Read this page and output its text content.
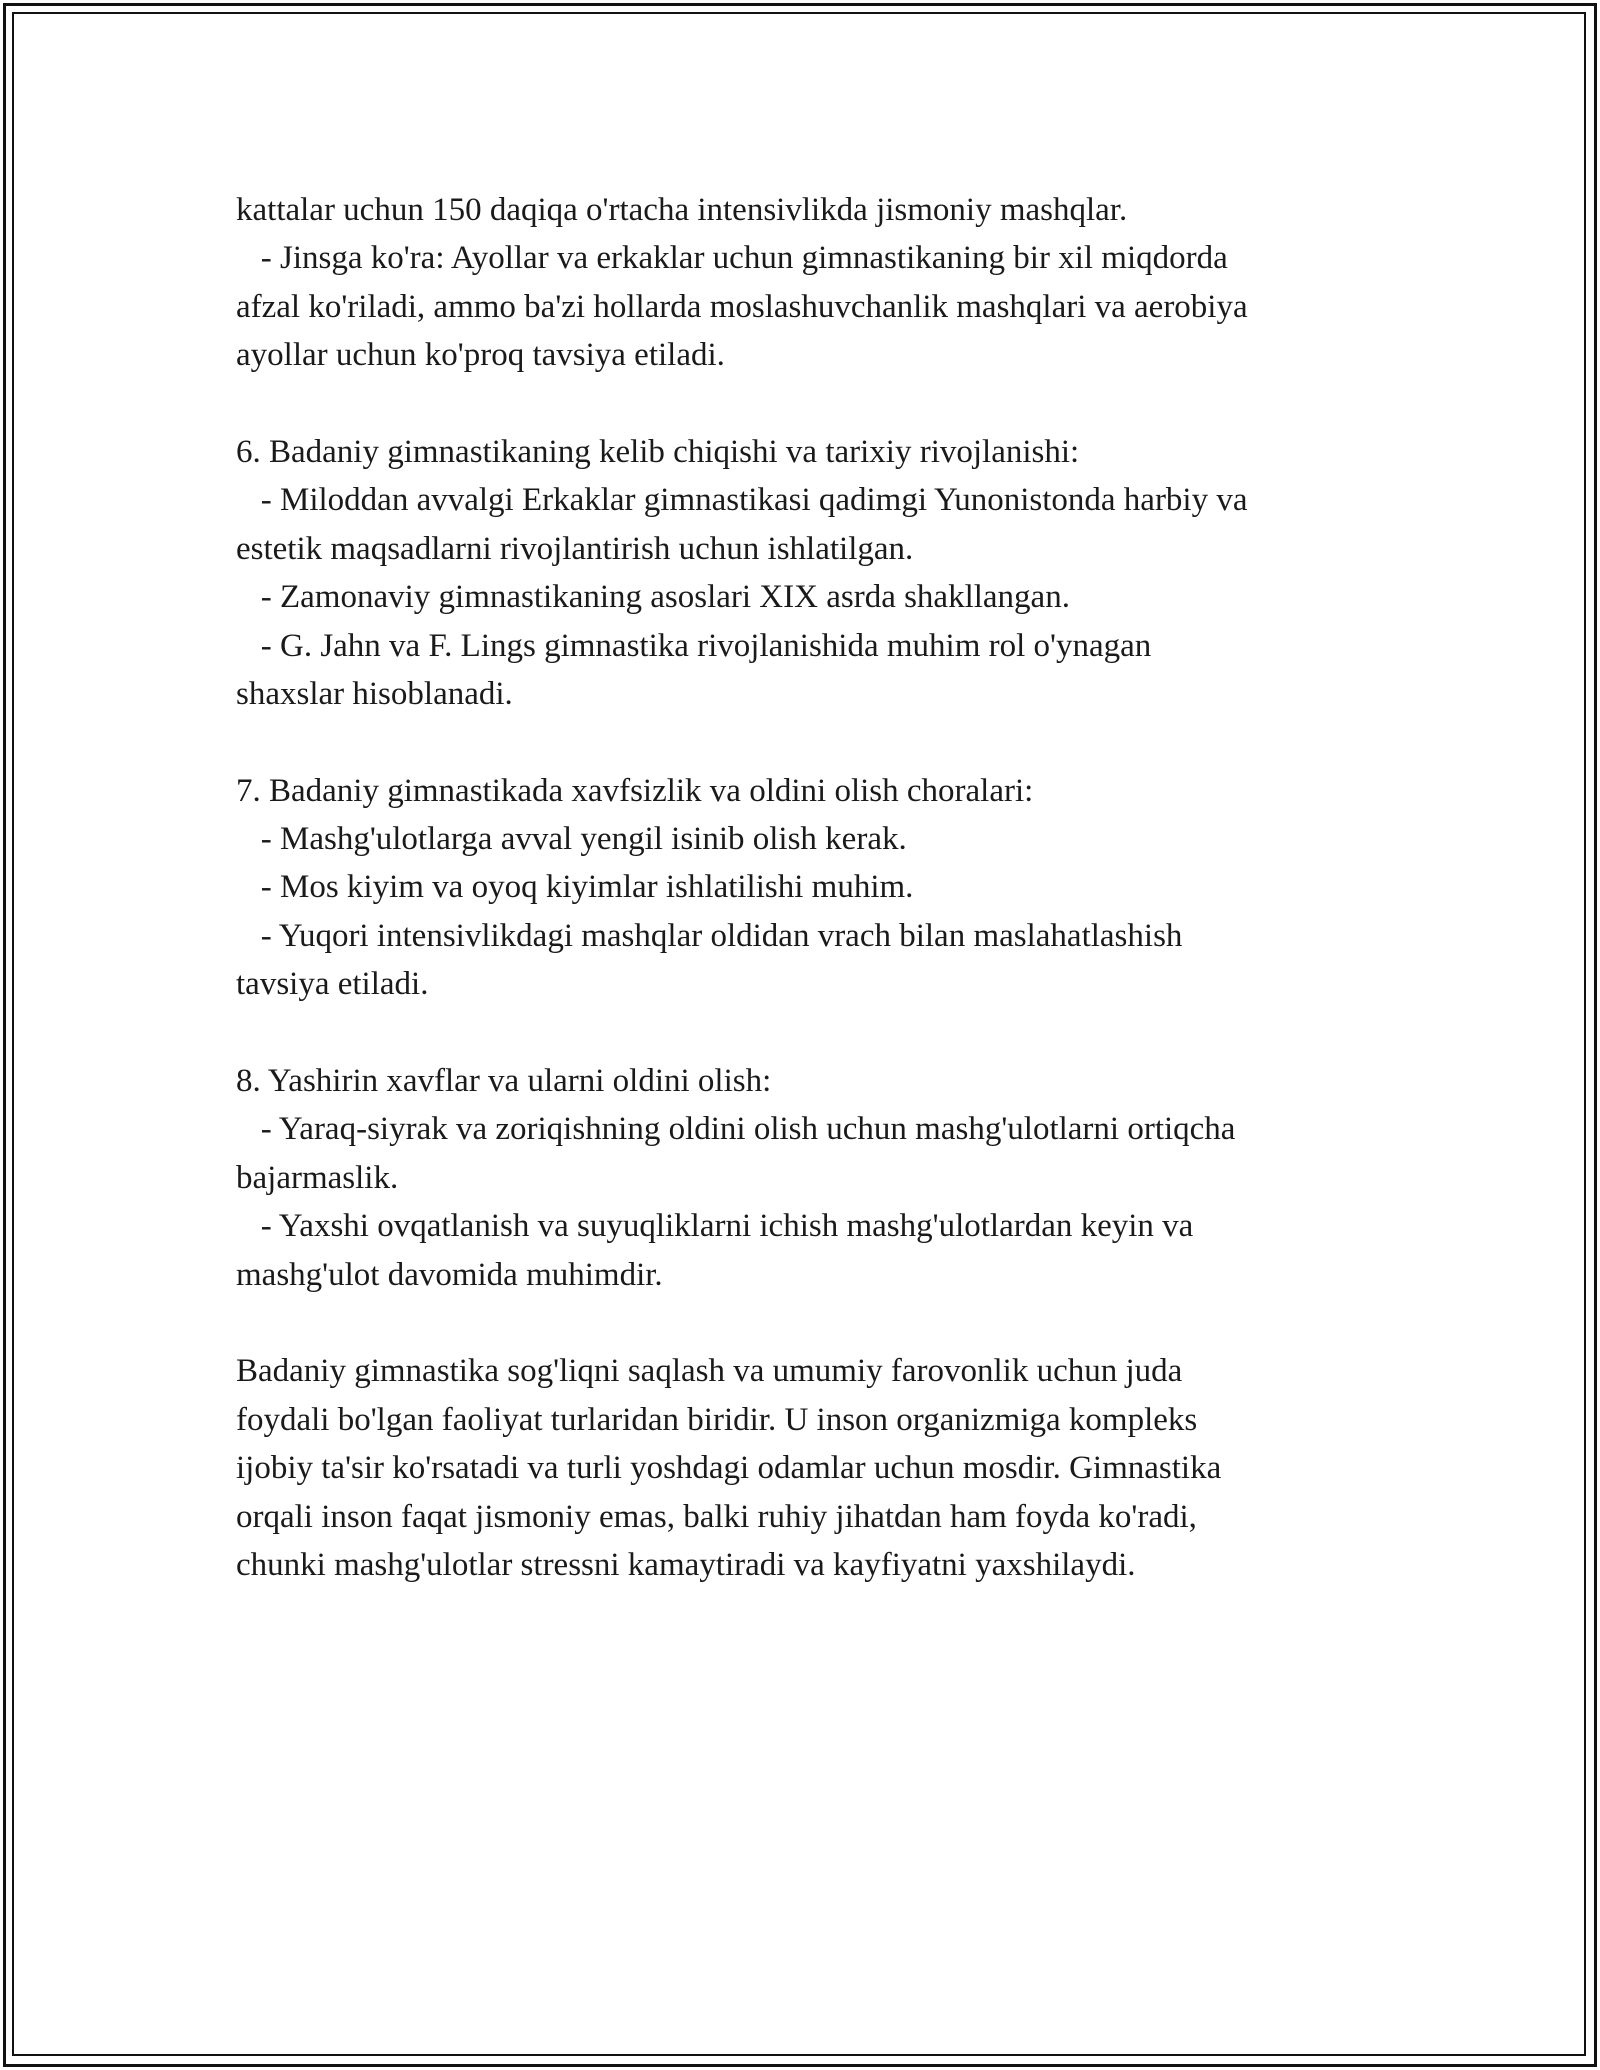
kattalar uchun 150 daqiqa o'rtacha intensivlikda jismoniy mashqlar.
- Jinsga ko'ra: Ayollar va erkaklar uchun gimnastikaning bir xil miqdorda
afzal ko'riladi, ammo ba'zi hollarda moslashuvchanlik mashqlari va aerobiya
ayollar uchun ko'proq tavsiya etiladi.
6. Badaniy gimnastikaning kelib chiqishi va tarixiy rivojlanishi:
- Miloddan avvalgi Erkaklar gimnastikasi qadimgi Yunonistonda harbiy va
estetik maqsadlarni rivojlantirish uchun ishlatilgan.
- Zamonaviy gimnastikaning asoslari XIX asrda shakllangan.
- G. Jahn va F. Lings gimnastika rivojlanishida muhim rol o'ynagan
shaxslar hisoblanadi.
7. Badaniy gimnastikada xavfsizlik va oldini olish choralari:
- Mashg'ulotlarga avval yengil isinib olish kerak.
- Mos kiyim va oyoq kiyimlar ishlatilishi muhim.
- Yuqori intensivlikdagi mashqlar oldidan vrach bilan maslahatlashish
tavsiya etiladi.
8. Yashirin xavflar va ularni oldini olish:
- Yaraq-siyrak va zoriqishning oldini olish uchun mashg'ulotlarni ortiqcha
bajarmaslik.
- Yaxshi ovqatlanish va suyuqliklarni ichish mashg'ulotlardan keyin va
mashg'ulot davomida muhimdir.
Badaniy gimnastika sog'liqni saqlash va umumiy farovonlik uchun juda
foydali bo'lgan faoliyat turlaridan biridir. U inson organizmiga kompleks
ijobiy ta'sir ko'rsatadi va turli yoshdagi odamlar uchun mosdir. Gimnastika
orqali inson faqat jismoniy emas, balki ruhiy jihatdan ham foyda ko'radi,
chunki mashg'ulotlar stressni kamaytiradi va kayfiyatni yaxshilaydi.
